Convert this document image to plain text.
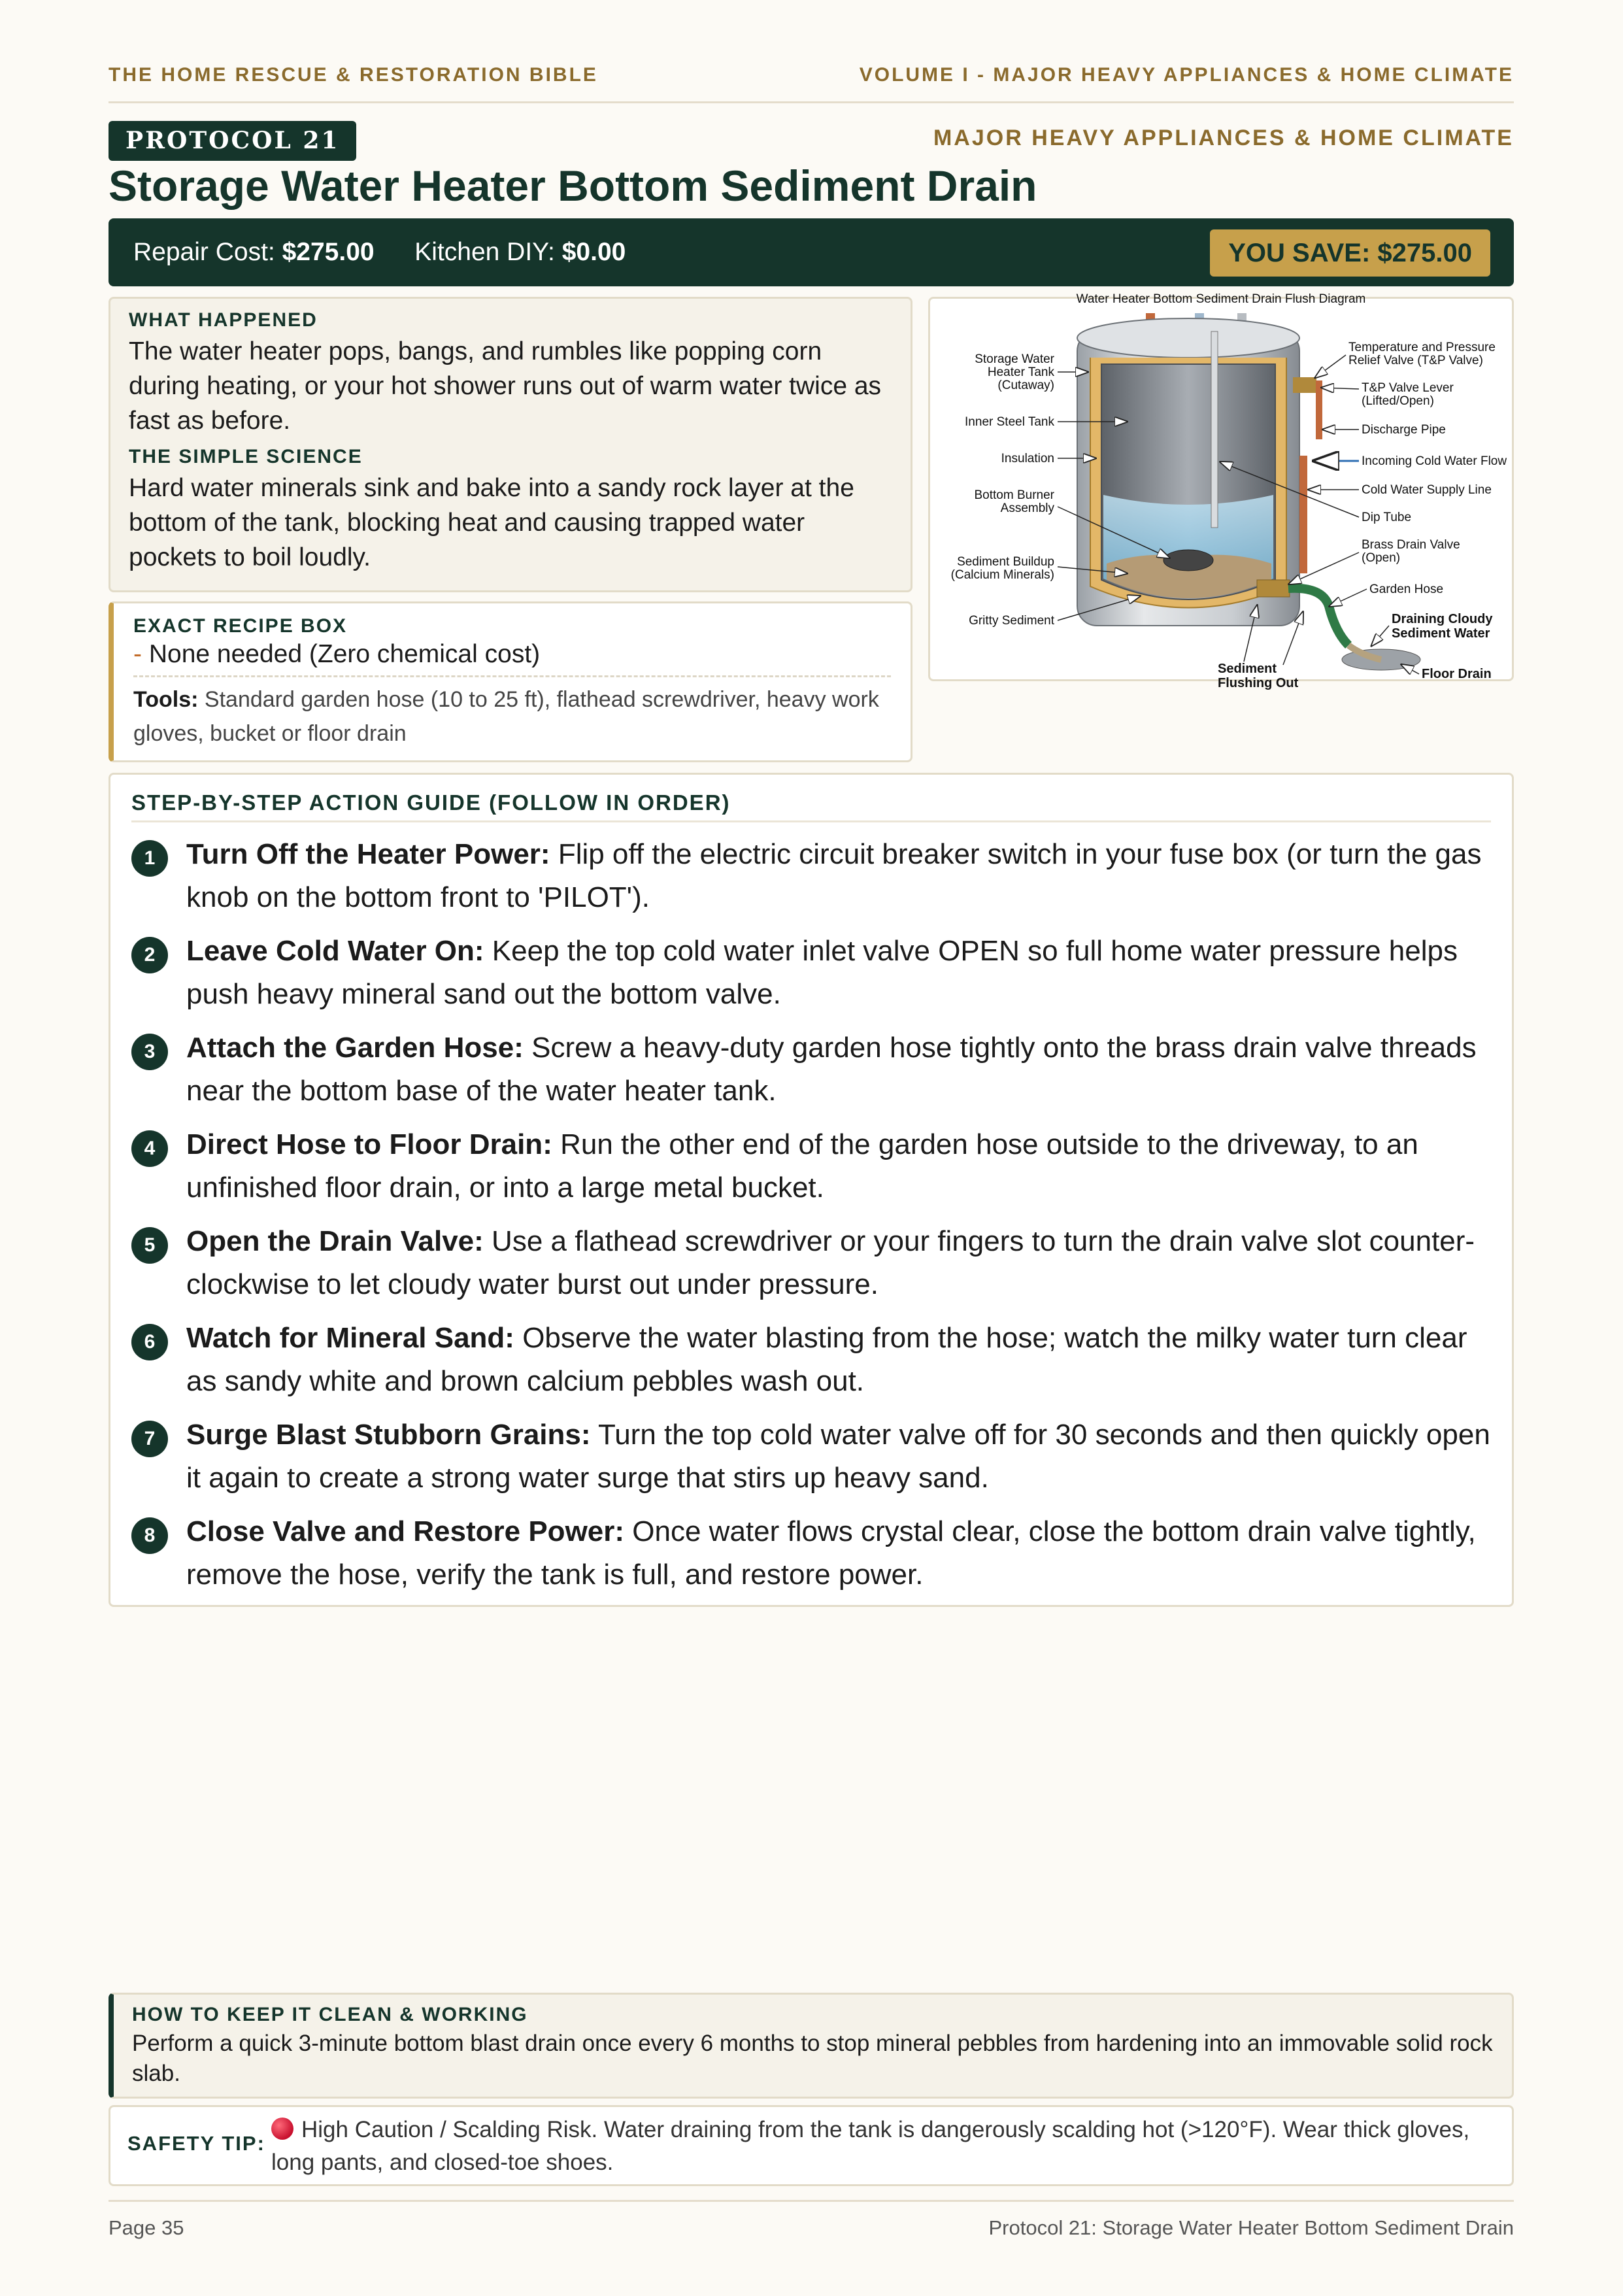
THE HOME RESCUE & RESTORATION BIBLE	VOLUME I - MAJOR HEAVY APPLIANCES & HOME CLIMATE
PROTOCOL 21	MAJOR HEAVY APPLIANCES & HOME CLIMATE
Storage Water Heater Bottom Sediment Drain
Repair Cost: $275.00 Kitchen DIY: $0.00	YOU SAVE: $275.00
WHAT HAPPENED

The water heater pops, bangs, and rumbles like popping corn during heating, or your hot shower runs out of warm water twice as fast as before.

THE SIMPLE SCIENCE

Hard water minerals sink and bake into a sandy rock layer at the bottom of the tank, blocking heat and causing trapped water pockets to boil loudly.

EXACT RECIPE BOX
- None needed (Zero chemical cost)
Tools: Standard garden hose (10 to 25 ft), flathead screwdriver, heavy work gloves, bucket or floor drain
Water Heater Bottom Sediment Drain Flush Diagram
Storage Water
Heater Tank
(Cutaway)
Inner Steel Tank
Insulation
Bottom Burner
Assembly
Sediment Buildup
(Calcium Minerals)
Gritty Sediment
Temperature and Pressure
Relief Valve (T&P Valve)
T&P Valve Lever
(Lifted/Open)
Discharge Pipe
Incoming Cold Water Flow
Cold Water Supply Line
Dip Tube
Brass Drain Valve
(Open)
Garden Hose
Draining Cloudy
Sediment Water
Sediment
Flushing Out
Floor Drain
STEP-BY-STEP ACTION GUIDE (FOLLOW IN ORDER)
1	Turn Off the Heater Power: Flip off the electric circuit breaker switch in your fuse box (or turn the gas knob on the bottom front to 'PILOT').
2	Leave Cold Water On: Keep the top cold water inlet valve OPEN so full home water pressure helps push heavy mineral sand out the bottom valve.
3	Attach the Garden Hose: Screw a heavy-duty garden hose tightly onto the brass drain valve threads near the bottom base of the water heater tank.
4	Direct Hose to Floor Drain: Run the other end of the garden hose outside to the driveway, to an unfinished floor drain, or into a large metal bucket.
5	Open the Drain Valve: Use a flathead screwdriver or your fingers to turn the drain valve slot counter-clockwise to let cloudy water burst out under pressure.
6	Watch for Mineral Sand: Observe the water blasting from the hose; watch the milky water turn clear as sandy white and brown calcium pebbles wash out.
7	Surge Blast Stubborn Grains: Turn the top cold water valve off for 30 seconds and then quickly open it again to create a strong water surge that stirs up heavy sand.
8	Close Valve and Restore Power: Once water flows crystal clear, close the bottom drain valve tightly, remove the hose, verify the tank is full, and restore power.
HOW TO KEEP IT CLEAN & WORKING

Perform a quick 3-minute bottom blast drain once every 6 months to stop mineral pebbles from hardening into an immovable solid rock slab.

SAFETY TIP:
High Caution / Scalding Risk. Water draining from the tank is dangerously scalding hot (>120°F). Wear thick gloves, long pants, and closed-toe shoes.
Page 35	Protocol 21: Storage Water Heater Bottom Sediment Drain
